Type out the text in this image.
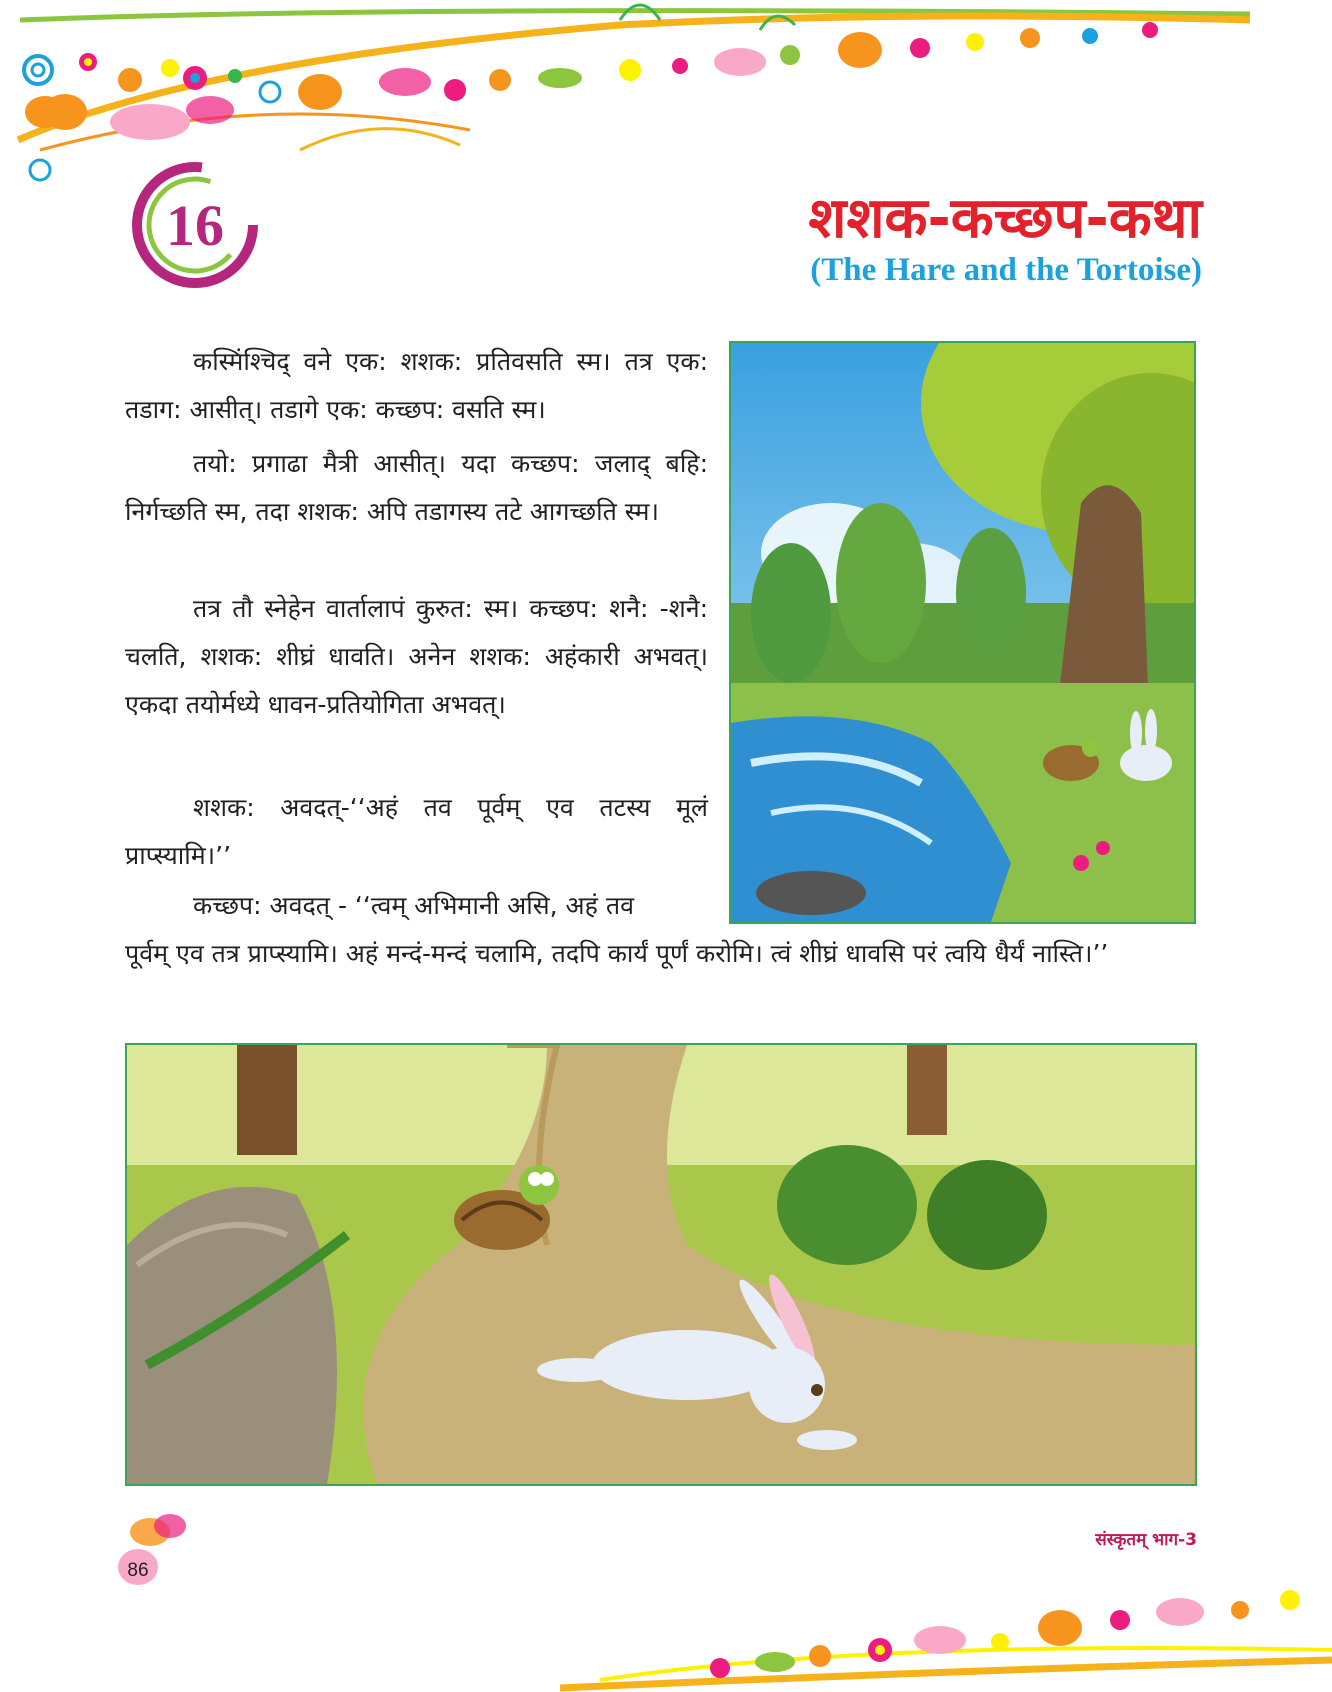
16	शशक-कच्छप-कथा
(The Hare and the Tortoise)

कस्मिंश्चिद् वने एक: शशक: प्रतिवसति स्म। तत्र एक: तडाग: आसीत्। तडागे एक: कच्छप: वसति स्म।

तयो: प्रगाढा मैत्री आसीत्। यदा कच्छप: जलाद् बहि: निर्गच्छति स्म, तदा शशक: अपि तडागस्य तटे आगच्छति स्म।

तत्र तौ स्नेहेन वार्तालापं कुरुत: स्म। कच्छप: शनै: -शनै: चलति, शशक: शीघ्रं धावति। अनेन शशक: अहंकारी अभवत्। एकदा तयोर्मध्ये धावन-प्रतियोगिता अभवत्।

शशक: अवदत्-‘‘अहं तव पूर्वम् एव तटस्य मूलं प्राप्स्यामि।’’

कच्छप: अवदत् - ‘‘त्वम् अभिमानी असि, अहं तव

पूर्वम् एव तत्र प्राप्स्यामि। अहं मन्दं-मन्दं चलामि, तदपि कार्यं पूर्णं करोमि। त्वं शीघ्रं धावसि परं त्वयि धैर्यं नास्ति।’’

86
संस्कृतम् भाग-3
